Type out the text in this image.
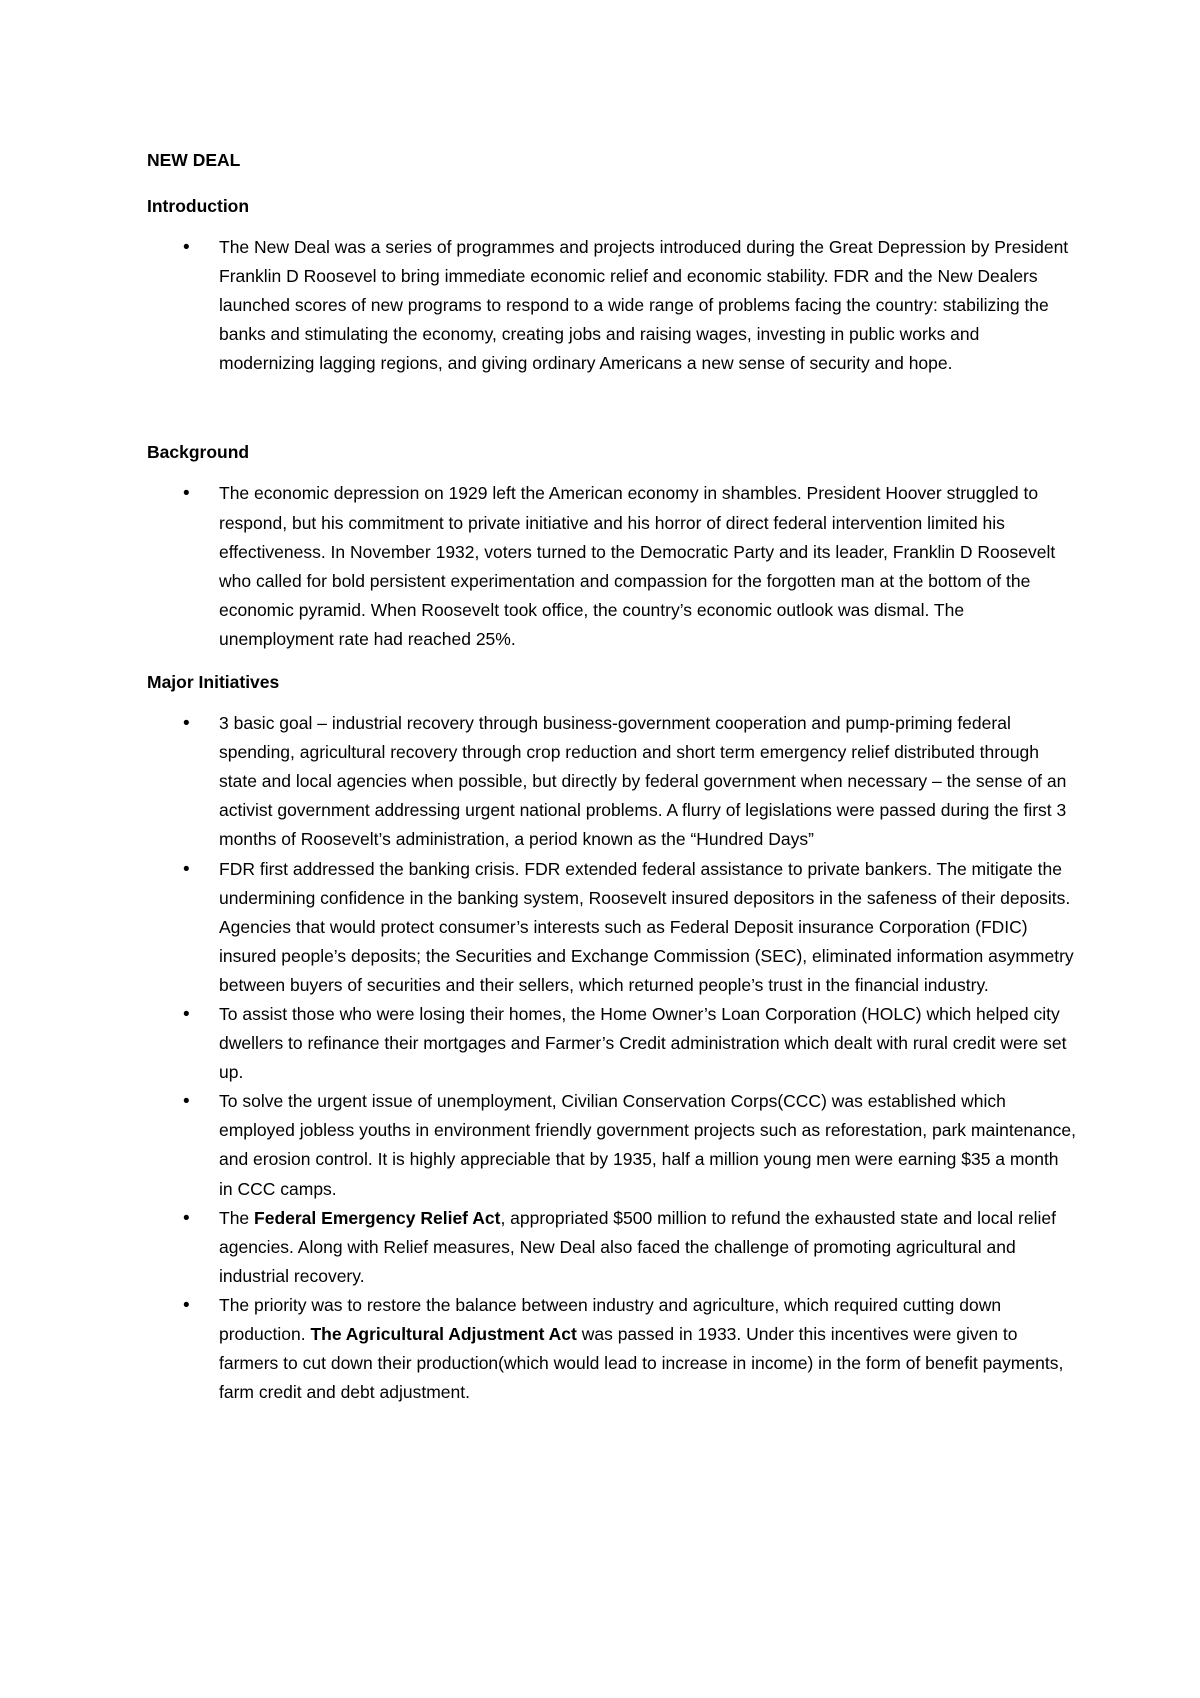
NEW DEAL
Introduction
• The New Deal was a series of programmes and projects introduced during the Great Depression by President Franklin D Roosevel to bring immediate economic relief and economic stability. FDR and the New Dealers launched scores of new programs to respond to a wide range of problems facing the country: stabilizing the banks and stimulating the economy, creating jobs and raising wages, investing in public works and modernizing lagging regions, and giving ordinary Americans a new sense of security and hope.
Background
• The economic depression on 1929 left the American economy in shambles. President Hoover struggled to respond, but his commitment to private initiative and his horror of direct federal intervention limited his effectiveness. In November 1932, voters turned to the Democratic Party and its leader, Franklin D Roosevelt who called for bold persistent experimentation and compassion for the forgotten man at the bottom of the economic pyramid. When Roosevelt took office, the country’s economic outlook was dismal. The unemployment rate had reached 25%.
Major Initiatives
• 3 basic goal – industrial recovery through business-government cooperation and pump-priming federal spending, agricultural recovery through crop reduction and short term emergency relief distributed through state and local agencies when possible, but directly by federal government when necessary – the sense of an activist government addressing urgent national problems. A flurry of legislations were passed during the first 3 months of Roosevelt’s administration, a period known as the “Hundred Days”
• FDR first addressed the banking crisis. FDR extended federal assistance to private bankers. The mitigate the undermining confidence in the banking system, Roosevelt insured depositors in the safeness of their deposits. Agencies that would protect consumer’s interests such as Federal Deposit insurance Corporation (FDIC) insured people’s deposits; the Securities and Exchange Commission (SEC), eliminated information asymmetry between buyers of securities and their sellers, which returned people’s trust in the financial industry.
• To assist those who were losing their homes, the Home Owner’s Loan Corporation (HOLC) which helped city dwellers to refinance their mortgages and Farmer’s Credit administration which dealt with rural credit were set up.
• To solve the urgent issue of unemployment, Civilian Conservation Corps(CCC) was established which employed jobless youths in environment friendly government projects such as reforestation, park maintenance, and erosion control. It is highly appreciable that by 1935, half a million young men were earning $35 a month in CCC camps.
• The Federal Emergency Relief Act, appropriated $500 million to refund the exhausted state and local relief agencies. Along with Relief measures, New Deal also faced the challenge of promoting agricultural and industrial recovery.
• The priority was to restore the balance between industry and agriculture, which required cutting down production. The Agricultural Adjustment Act was passed in 1933. Under this incentives were given to farmers to cut down their production(which would lead to increase in income) in the form of benefit payments, farm credit and debt adjustment.
